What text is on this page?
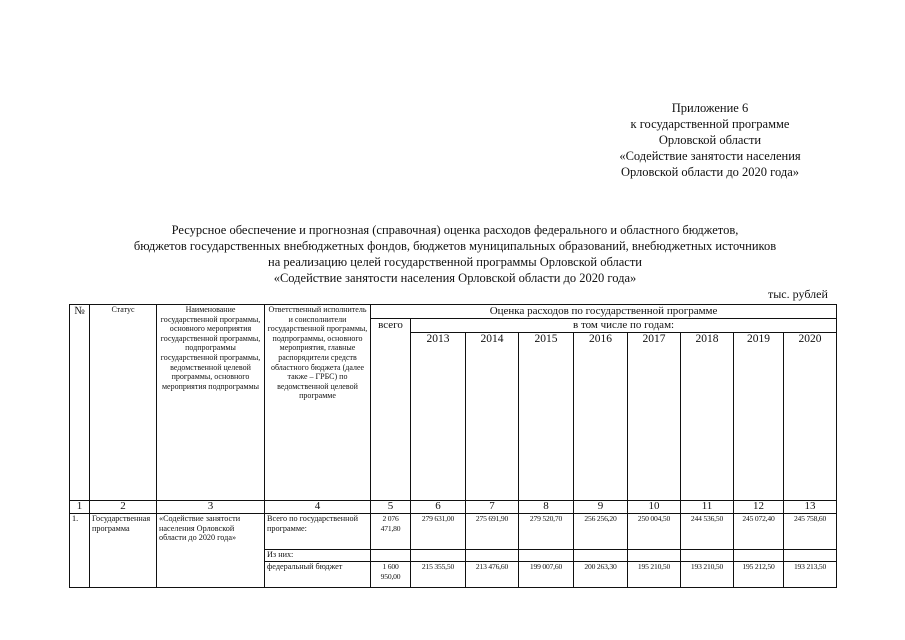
Приложение 6
к государственной программе
Орловской области
«Содействие занятости населения
Орловской области до 2020 года»
Ресурсное обеспечение и прогнозная (справочная) оценка расходов федерального и областного бюджетов,
бюджетов государственных внебюджетных фондов, бюджетов муниципальных образований, внебюджетных источников
на реализацию целей государственной программы Орловской области
«Содействие занятости населения Орловской области до 2020 года»
тыс. рублей
№	Статус	Наименование государственной программы, основного мероприятия государственной программы, подпрограммы государственной программы, ведомственной целевой программы, основного мероприятия подпрограммы	Ответственный исполнитель и соисполнители государственной программы, подпрограммы, основного мероприятия, главные распорядители средств областного бюджета (далее также – ГРБС) по ведомственной целевой программе	Оценка расходов по государственной программе								
				всего	в том числе по годам:							
					2013	2014	2015	2016	2017	2018	2019	2020
1	2	3	4	5	6	7	8	9	10	11	12	13
1.	Государственная программа	«Содействие занятости населения Орловской области до 2020 года»	Всего по государственной программе:	2 076 471,80	279 631,00	275 691,90	279 520,70	256 256,20	250 004,50	244 536,50	245 072,40	245 758,60
			Из них:									
			федеральный бюджет	1 600 950,00	215 355,50	213 476,60	199 007,60	200 263,30	195 210,50	193 210,50	195 212,50	193 213,50
